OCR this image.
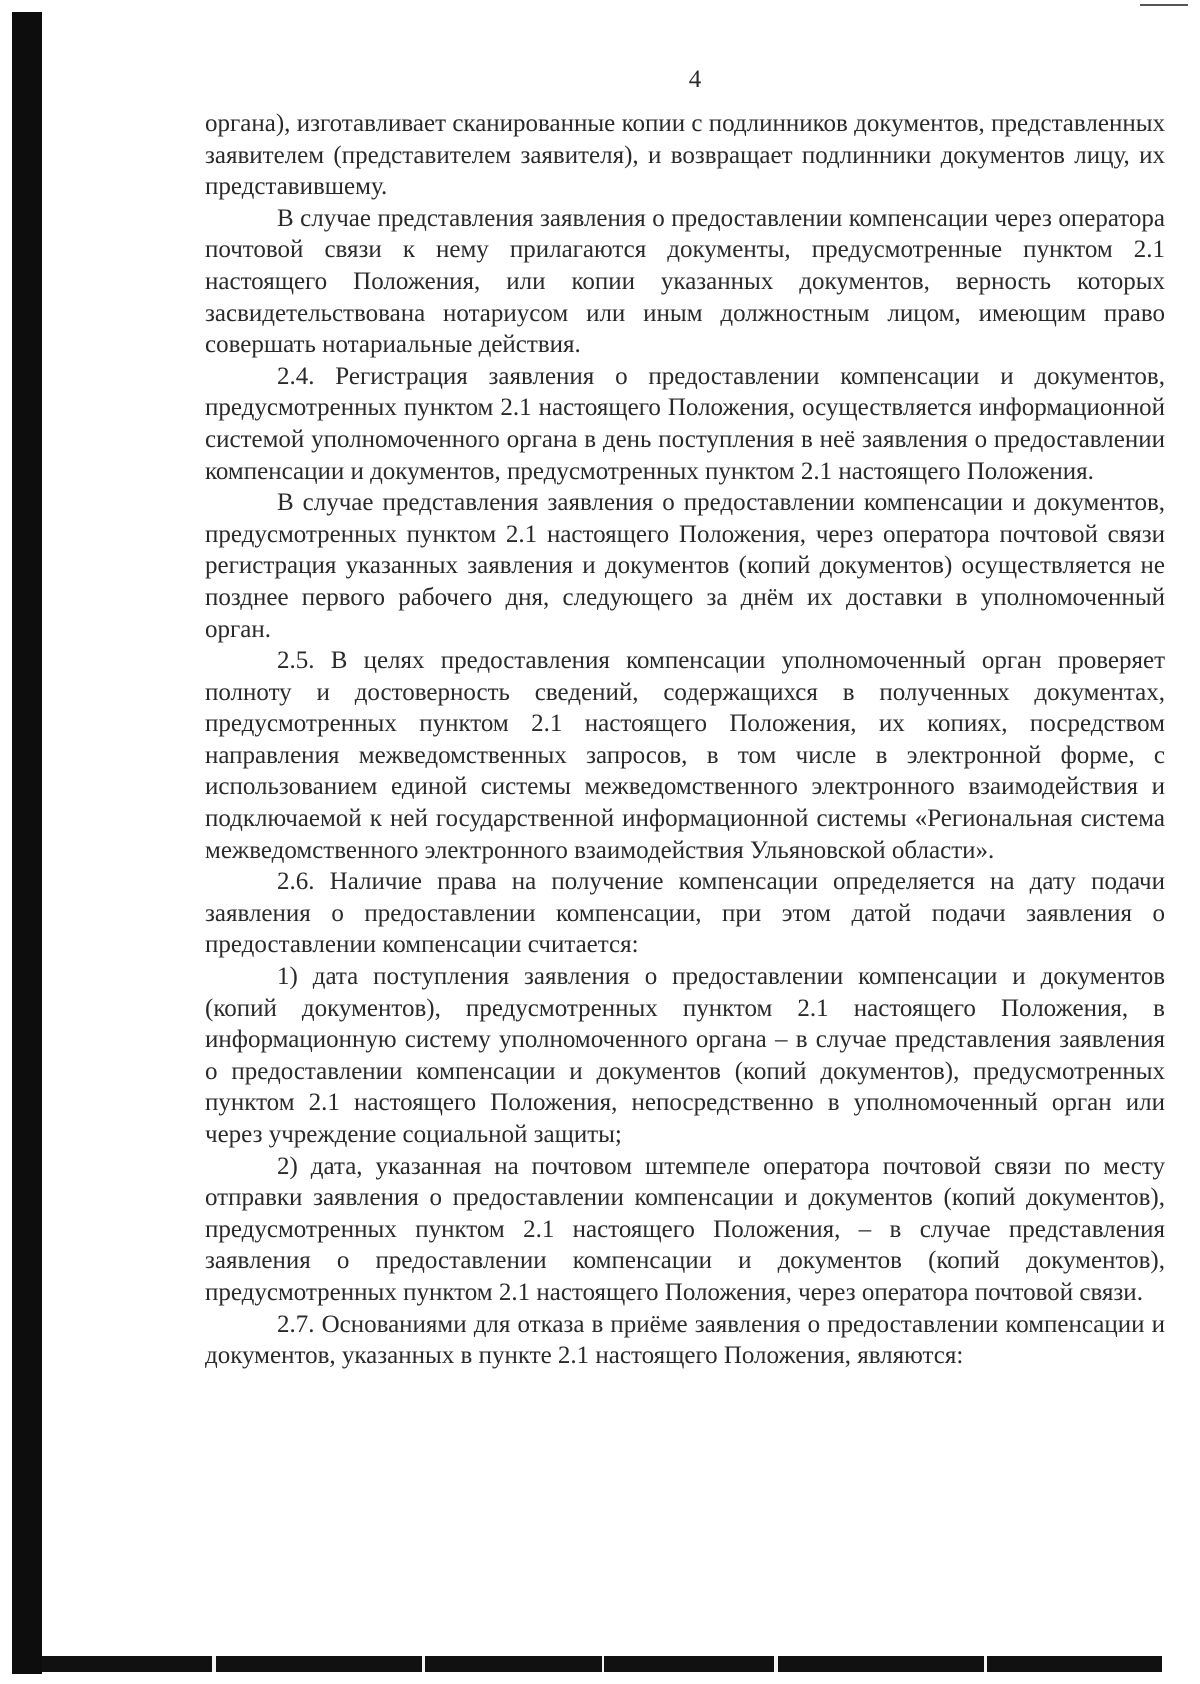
4

органа), изготавливает сканированные копии с подлинников документов, представленных заявителем (представителем заявителя), и возвращает подлинники документов лицу, их представившему.

В случае представления заявления о предоставлении компенсации через оператора почтовой связи к нему прилагаются документы, предусмотренные пунктом 2.1 настоящего Положения, или копии указанных документов, верность которых засвидетельствована нотариусом или иным должностным лицом, имеющим право совершать нотариальные действия.

2.4. Регистрация заявления о предоставлении компенсации и документов, предусмотренных пунктом 2.1 настоящего Положения, осуществляется информационной системой уполномоченного органа в день поступления в неё заявления о предоставлении компенсации и документов, предусмотренных пунктом 2.1 настоящего Положения.

В случае представления заявления о предоставлении компенсации и документов, предусмотренных пунктом 2.1 настоящего Положения, через оператора почтовой связи регистрация указанных заявления и документов (копий документов) осуществляется не позднее первого рабочего дня, следующего за днём их доставки в уполномоченный орган.

2.5. В целях предоставления компенсации уполномоченный орган проверяет полноту и достоверность сведений, содержащихся в полученных документах, предусмотренных пунктом 2.1 настоящего Положения, их копиях, посредством направления межведомственных запросов, в том числе в электронной форме, с использованием единой системы межведомственного электронного взаимодействия и подключаемой к ней государственной информационной системы «Региональная система межведомственного электронного взаимодействия Ульяновской области».

2.6. Наличие права на получение компенсации определяется на дату подачи заявления о предоставлении компенсации, при этом датой подачи заявления о предоставлении компенсации считается:

1) дата поступления заявления о предоставлении компенсации и документов (копий документов), предусмотренных пунктом 2.1 настоящего Положения, в информационную систему уполномоченного органа – в случае представления заявления о предоставлении компенсации и документов (копий документов), предусмотренных пунктом 2.1 настоящего Положения, непосредственно в уполномоченный орган или через учреждение социальной защиты;

2) дата, указанная на почтовом штемпеле оператора почтовой связи по месту отправки заявления о предоставлении компенсации и документов (копий документов), предусмотренных пунктом 2.1 настоящего Положения, – в случае представления заявления о предоставлении компенсации и документов (копий документов), предусмотренных пунктом 2.1 настоящего Положения, через оператора почтовой связи.

2.7. Основаниями для отказа в приёме заявления о предоставлении компенсации и документов, указанных в пункте 2.1 настоящего Положения, являются:
